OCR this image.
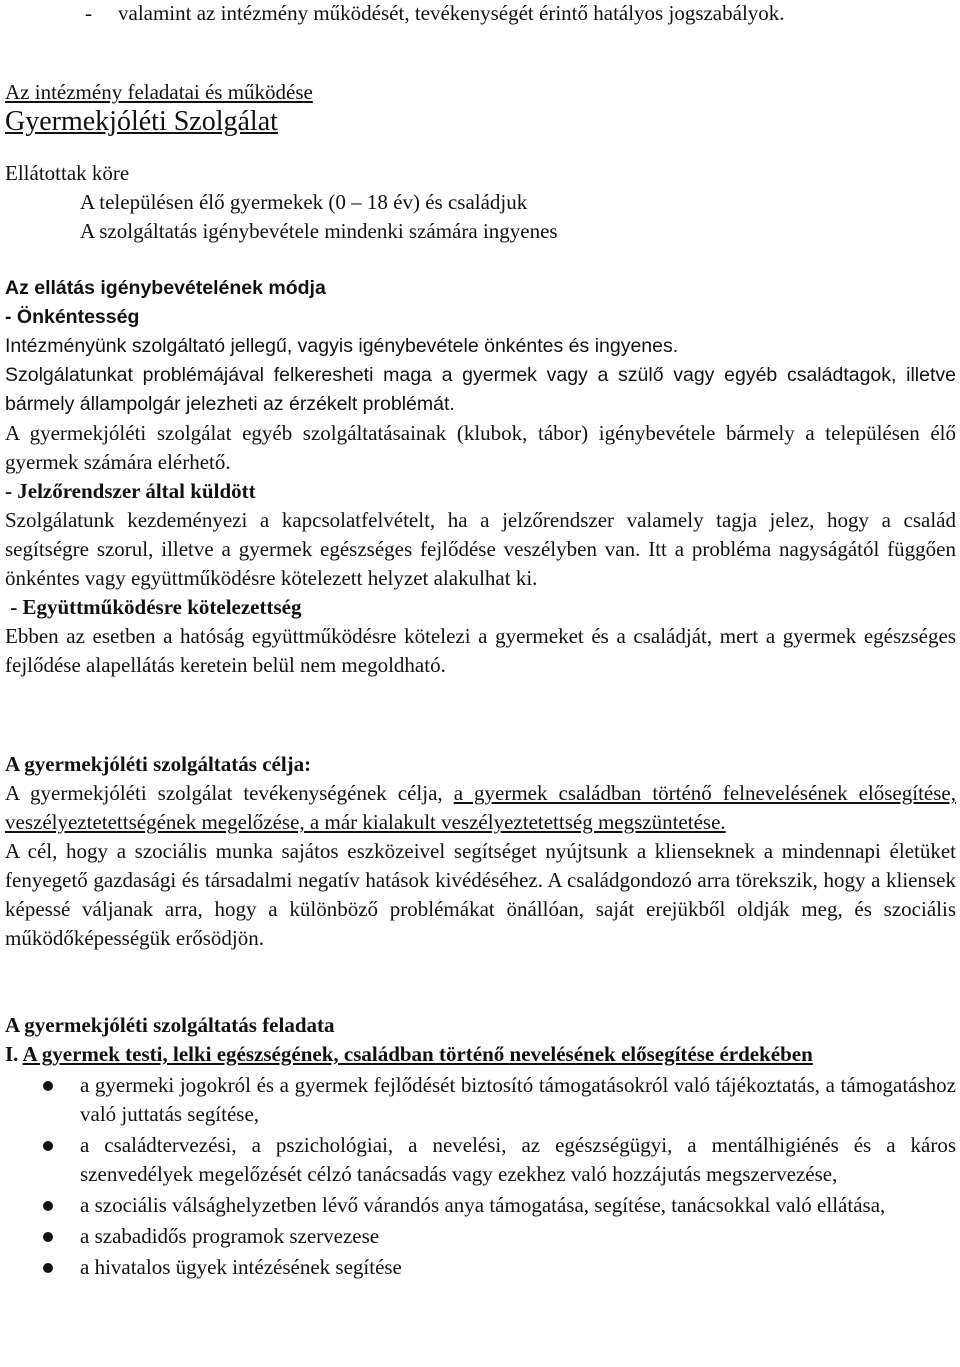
- valamint az intézmény működését, tevékenységét érintő hatályos jogszabályok.
Az intézmény feladatai és működése
Gyermekjóléti Szolgálat
Ellátottak köre
A településen élő gyermekek (0 – 18 év) és családjuk
A szolgáltatás igénybevétele mindenki számára ingyenes
Az ellátás igénybevételének módja
- Önkéntesség
Intézményünk szolgáltató jellegű, vagyis igénybevétele önkéntes és ingyenes.
Szolgálatunkat problémájával felkeresheti maga a gyermek vagy a szülő vagy egyéb családtagok, illetve bármely állampolgár jelezheti az érzékelt problémát.
A gyermekjóléti szolgálat egyéb szolgáltatásainak (klubok, tábor) igénybevétele bármely a településen élő gyermek számára elérhető.
- Jelzőrendszer által küldött
Szolgálatunk kezdeményezi a kapcsolatfelvételt, ha a jelzőrendszer valamely tagja jelez, hogy a család segítségre szorul, illetve a gyermek egészséges fejlődése veszélyben van. Itt a probléma nagyságától függően önkéntes vagy együttműködésre kötelezett helyzet alakulhat ki.
- Együttműködésre kötelezettség
Ebben az esetben a hatóság együttműködésre kötelezi a gyermeket és a családját, mert a gyermek egészséges fejlődése alapellátás keretein belül nem megoldható.
A gyermekjóléti szolgáltatás célja:
A gyermekjóléti szolgálat tevékenységének célja, a gyermek családban történő felnevelésének elősegítése, veszélyeztetettségének megelőzése, a már kialakult veszélyeztetettség megszüntetése.
A cél, hogy a szociális munka sajátos eszközeivel segítséget nyújtsunk a klienseknek a mindennapi életüket fenyegető gazdasági és társadalmi negatív hatások kivédéséhez. A családgondozó arra törekszik, hogy a kliensek képessé váljanak arra, hogy a különböző problémákat önállóan, saját erejükből oldják meg, és szociális működőképességük erősödjön.
A gyermekjóléti szolgáltatás feladata
I. A gyermek testi, lelki egészségének, családban történő nevelésének elősegítése érdekében
a gyermeki jogokról és a gyermek fejlődését biztosító támogatásokról való tájékoztatás, a támogatáshoz való juttatás segítése,
a családtervezési, a pszichológiai, a nevelési, az egészségügyi, a mentálhigiénés és a káros szenvedélyek megelőzését célzó tanácsadás vagy ezekhez való hozzájutás megszervezése,
a szociális válsághelyzetben lévő várandós anya támogatása, segítése, tanácsokkal való ellátása,
a szabadidős programok szervezese
a hivatalos ügyek intézésének segítése
